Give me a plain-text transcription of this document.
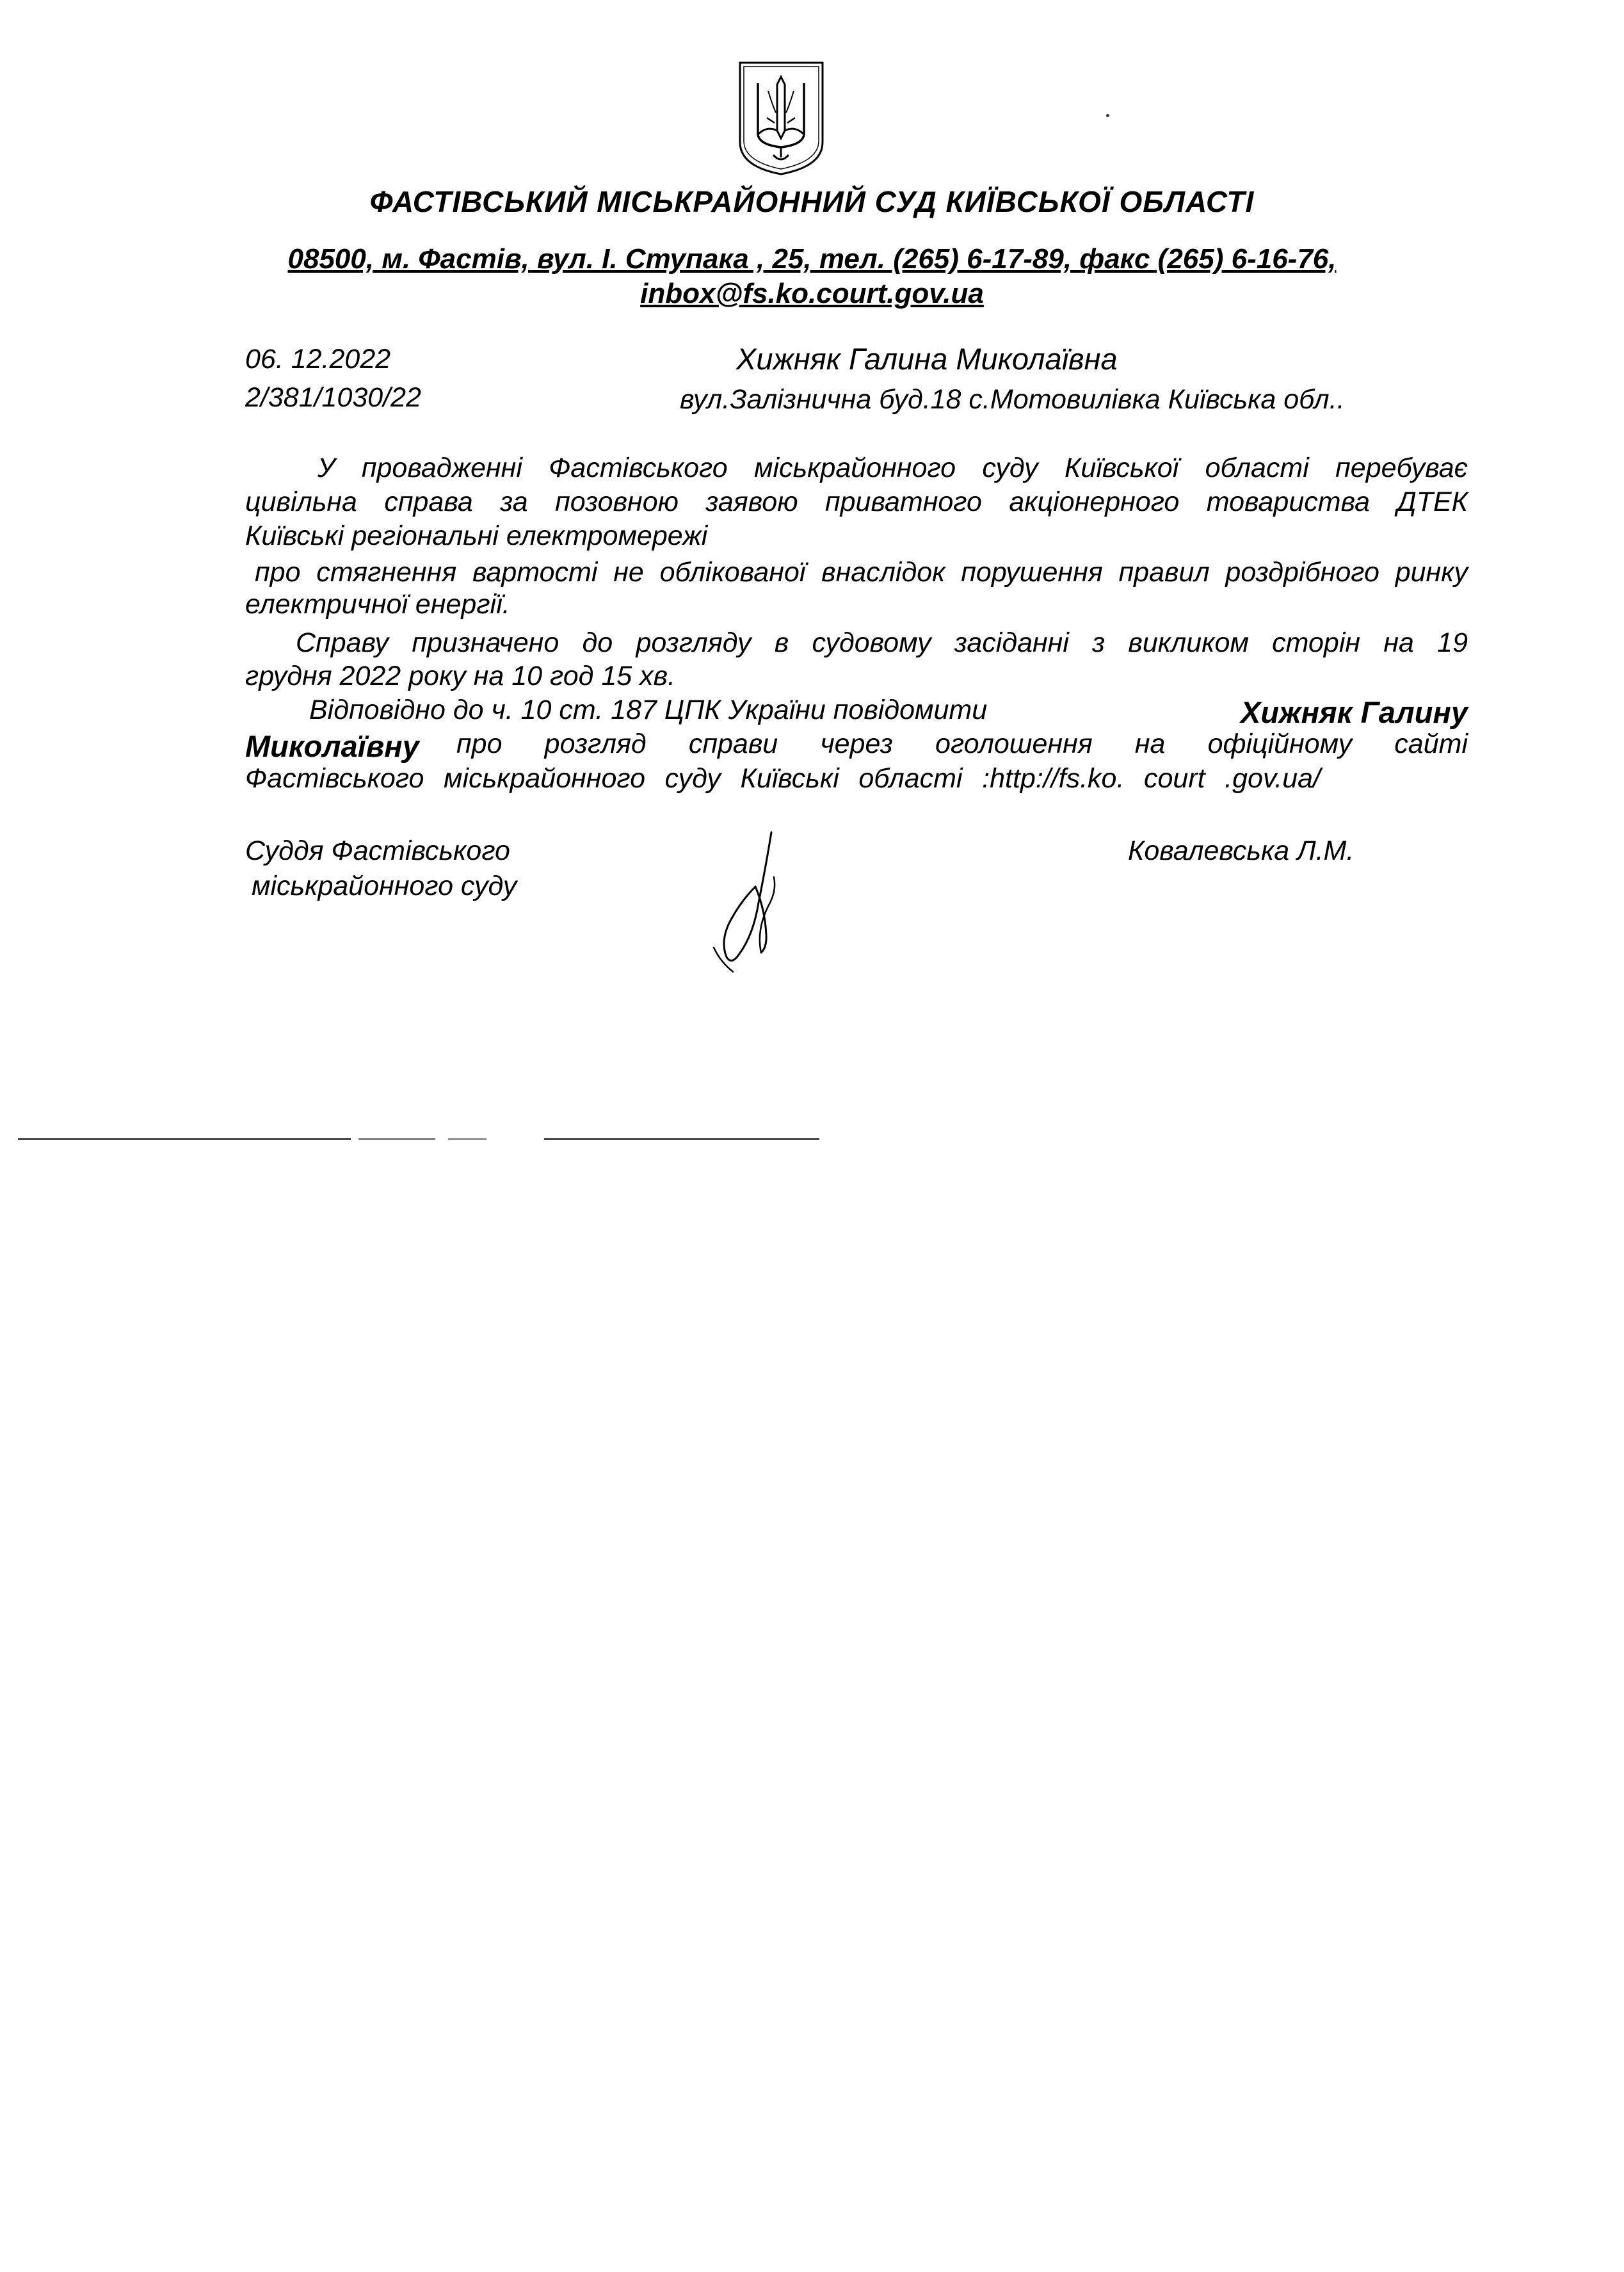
ФАСТІВСЬКИЙ МІСЬКРАЙОННИЙ СУД КИЇВСЬКОЇ ОБЛАСТІ
08500, м. Фастів, вул. І. Ступака , 25, тел. (265) 6-17-89, факс (265) 6-16-76,
inbox@fs.ko.court.gov.ua
06. 12.2022
2/381/1030/22
Хижняк Галина Миколаївна
вул.Залізнична буд.18 с.Мотовилівка Київська обл..
У провадженні Фастівського міськрайонного суду Київської області перебуває
цивільна справа за позовною заявою приватного акціонерного товариства ДТЕК
Київські регіональні електромережі
про стягнення вартості не облікованої внаслідок порушення правил роздрібного ринку
електричної енергії.
Справу призначено до розгляду в судовому засіданні з викликом сторін на 19
грудня 2022 року на 10 год 15 хв.
Відповідно до ч. 10 ст. 187 ЦПК України повідомити	Хижняк Галину
Миколаївну про розгляд справи через оголошення на офіційному сайті
Фастівського міськрайонного суду Київські області :http://fs.ko. court .gov.ua/
Суддя Фастівського
міськрайонного суду
Ковалевська Л.М.
